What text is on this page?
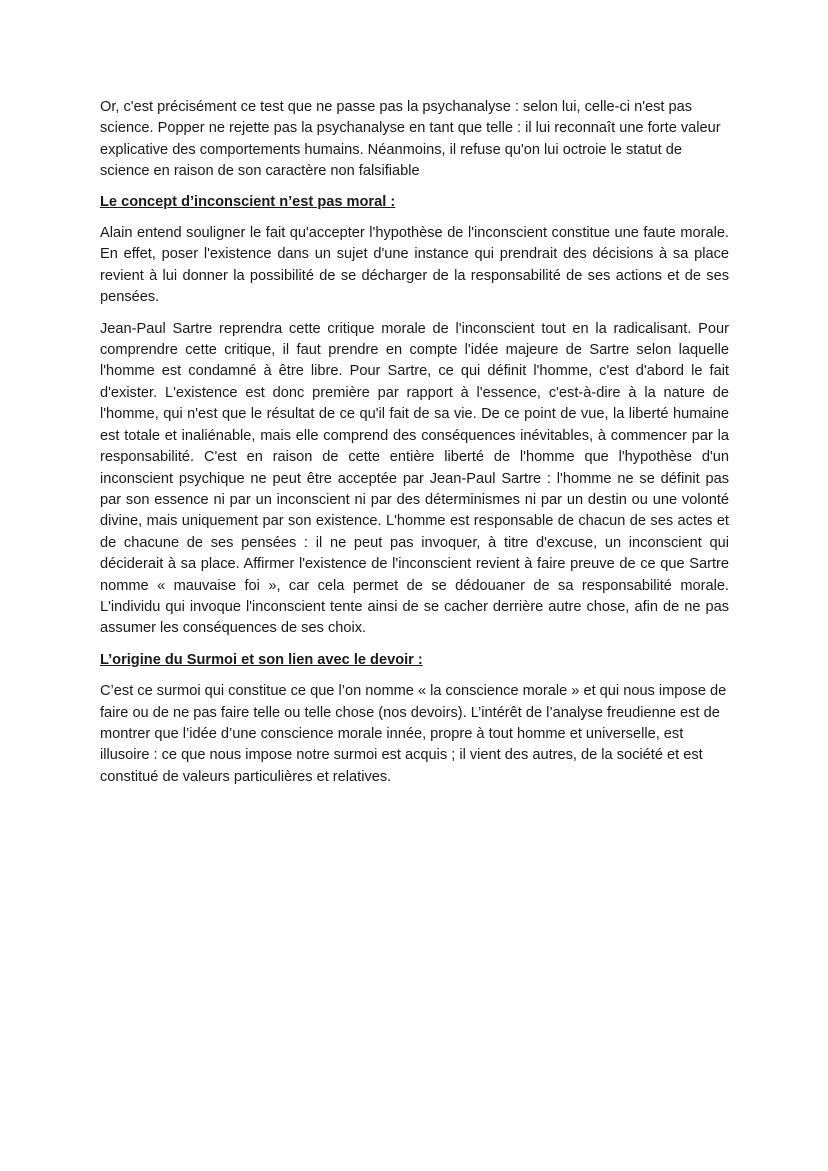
Or, c'est précisément ce test que ne passe pas la psychanalyse : selon lui, celle-ci n'est pas science. Popper ne rejette pas la psychanalyse en tant que telle : il lui reconnaît une forte valeur explicative des comportements humains. Néanmoins, il refuse qu'on lui octroie le statut de science en raison de son caractère non falsifiable

Le concept d’inconscient n’est pas moral :

Alain entend souligner le fait qu'accepter l'hypothèse de l'inconscient constitue une faute morale. En effet, poser l'existence dans un sujet d'une instance qui prendrait des décisions à sa place revient à lui donner la possibilité de se décharger de la responsabilité de ses actions et de ses pensées.

Jean-Paul Sartre reprendra cette critique morale de l'inconscient tout en la radicalisant. Pour comprendre cette critique, il faut prendre en compte l'idée majeure de Sartre selon laquelle l'homme est condamné à être libre. Pour Sartre, ce qui définit l'homme, c'est d'abord le fait d'exister. L'existence est donc première par rapport à l'essence, c'est-à-dire à la nature de l'homme, qui n'est que le résultat de ce qu'il fait de sa vie. De ce point de vue, la liberté humaine est totale et inaliénable, mais elle comprend des conséquences inévitables, à commencer par la responsabilité. C'est en raison de cette entière liberté de l'homme que l'hypothèse d'un inconscient psychique ne peut être acceptée par Jean-Paul Sartre : l'homme ne se définit pas par son essence ni par un inconscient ni par des déterminismes ni par un destin ou une volonté divine, mais uniquement par son existence. L'homme est responsable de chacun de ses actes et de chacune de ses pensées : il ne peut pas invoquer, à titre d'excuse, un inconscient qui déciderait à sa place. Affirmer l'existence de l'inconscient revient à faire preuve de ce que Sartre nomme « mauvaise foi », car cela permet de se dédouaner de sa responsabilité morale. L'individu qui invoque l'inconscient tente ainsi de se cacher derrière autre chose, afin de ne pas assumer les conséquences de ses choix.

L’origine du Surmoi et son lien avec le devoir :

C’est ce surmoi qui constitue ce que l’on nomme « la conscience morale » et qui nous impose de faire ou de ne pas faire telle ou telle chose (nos devoirs). L’intérêt de l’analyse freudienne est de montrer que l’idée d’une conscience morale innée, propre à tout homme et universelle, est illusoire : ce que nous impose notre surmoi est acquis ; il vient des autres, de la société et est constitué de valeurs particulières et relatives.
